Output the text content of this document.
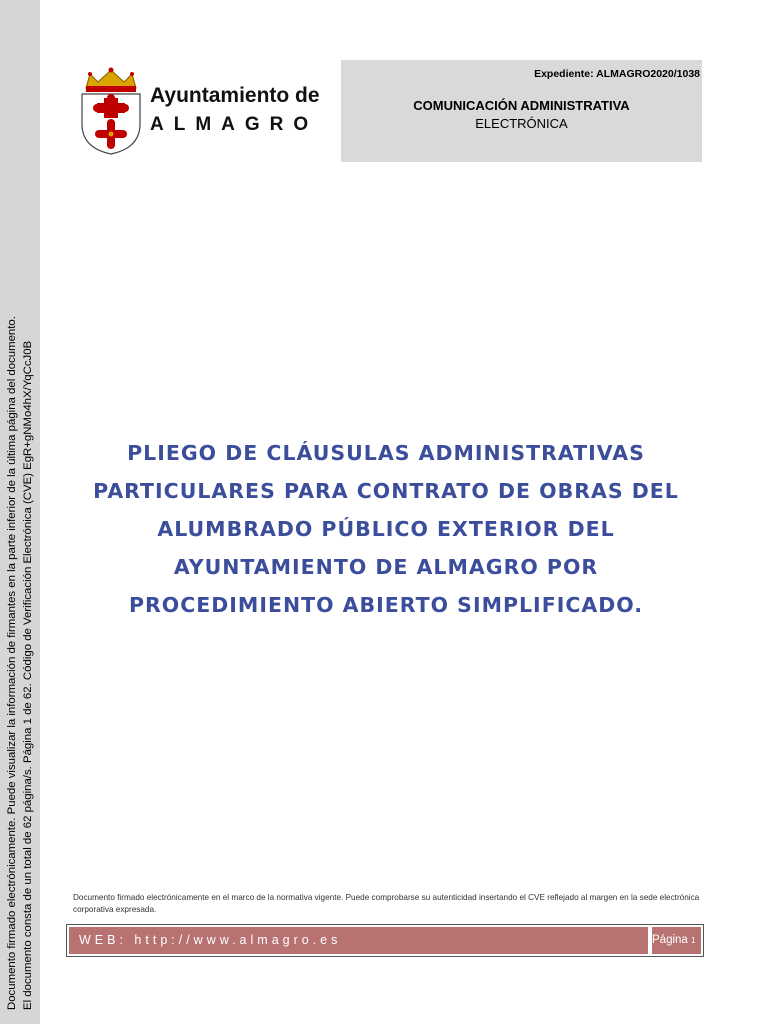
Documento firmado electrónicamente. Puede visualizar la información de firmantes en la parte inferior de la última página del documento. El documento consta de un total de 62 página/s. Página 1 de 62. Código de Verificación Electrónica (CVE) EgR+gNMo4hX/YqCcJ0B
Ayuntamiento de
ALMAGRO
Expediente: ALMAGRO2020/1038
COMUNICACIÓN ADMINISTRATIVA
ELECTRÓNICA
PLIEGO DE CLÁUSULAS ADMINISTRATIVAS
PARTICULARES PARA CONTRATO DE OBRAS DEL
ALUMBRADO PÚBLICO EXTERIOR DEL
AYUNTAMIENTO DE ALMAGRO POR
PROCEDIMIENTO ABIERTO SIMPLIFICADO.
Documento firmado electrónicamente en el marco de la normativa vigente. Puede comprobarse su autenticidad insertando el CVE reflejado al margen en la sede electrónica corporativa expresada.
WEB: http://www.almagro.es	Página 1
